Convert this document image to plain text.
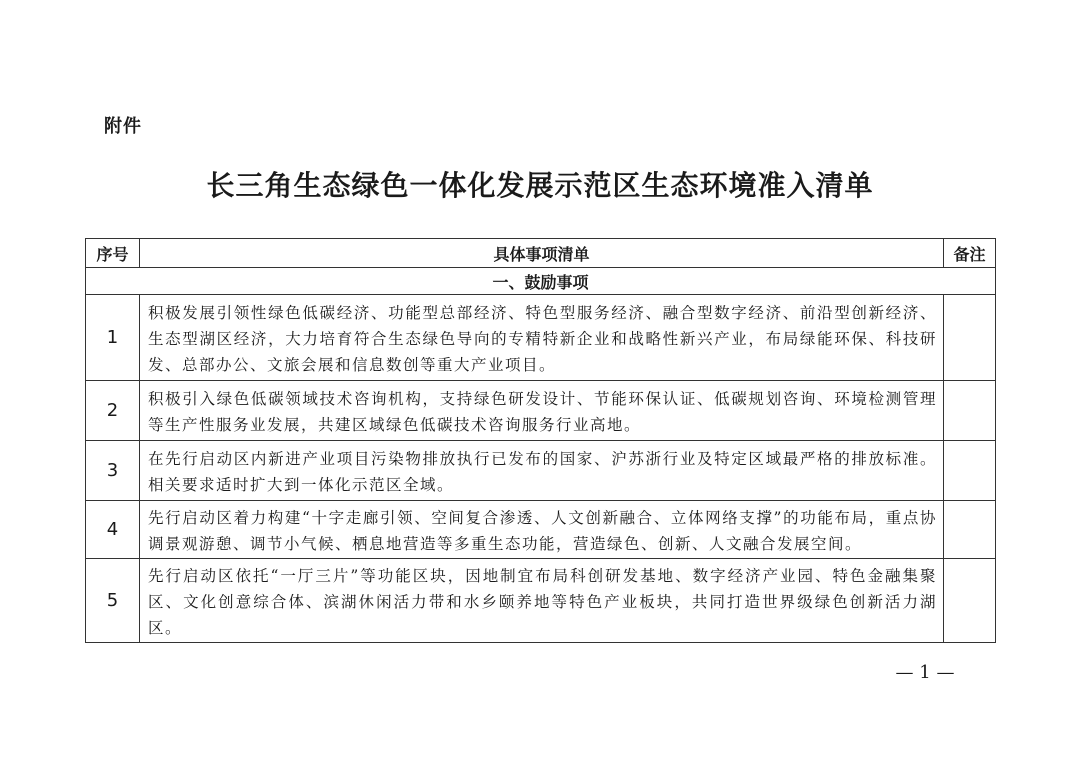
附件
长三角生态绿色一体化发展示范区生态环境准入清单
序号	具体事项清单	备注
一、鼓励事项		
1	积极发展引领性绿色低碳经济、功能型总部经济、特色型服务经济、融合型数字经济、前沿型创新经济、生态型湖区经济，大力培育符合生态绿色导向的专精特新企业和战略性新兴产业，布局绿能环保、科技研发、总部办公、文旅会展和信息数创等重大产业项目。	
2	积极引入绿色低碳领域技术咨询机构，支持绿色研发设计、节能环保认证、低碳规划咨询、环境检测管理等生产性服务业发展，共建区域绿色低碳技术咨询服务行业高地。	
3	在先行启动区内新进产业项目污染物排放执行已发布的国家、沪苏浙行业及特定区域最严格的排放标准。相关要求适时扩大到一体化示范区全域。	
4	先行启动区着力构建“十字走廊引领、空间复合渗透、人文创新融合、立体网络支撑”的功能布局，重点协调景观游憩、调节小气候、栖息地营造等多重生态功能，营造绿色、创新、人文融合发展空间。	
5	先行启动区依托“一厅三片”等功能区块，因地制宜布局科创研发基地、数字经济产业园、特色金融集聚区、文化创意综合体、滨湖休闲活力带和水乡颐养地等特色产业板块，共同打造世界级绿色创新活力湖区。	
— 1 —
